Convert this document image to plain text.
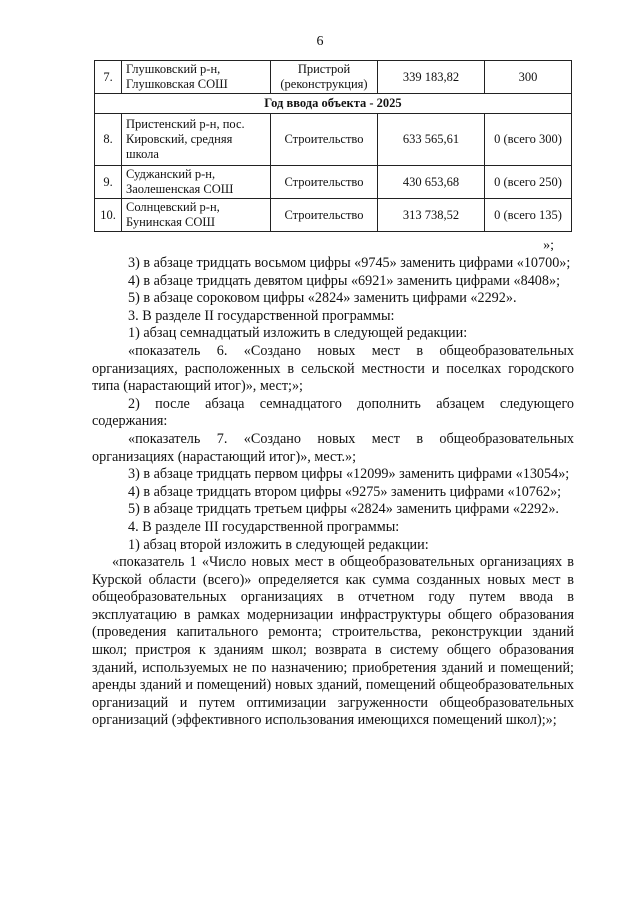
6
7.	Глушковский р-н, Глушковская СОШ	Пристрой (реконструкция)	339 183,82	300
Год ввода объекта - 2025				
8.	Пристенский р-н, пос. Кировский, средняя школа	Строительство	633 565,61	0 (всего 300)
9.	Суджанский р-н, Заолешенская СОШ	Строительство	430 653,68	0 (всего 250)
10.	Солнцевский р-н, Бунинская СОШ	Строительство	313 738,52	0 (всего 135)
»;

3) в абзаце тридцать восьмом цифры «9745» заменить цифрами «10700»;

4) в абзаце тридцать девятом цифры «6921» заменить цифрами «8408»;

5) в абзаце сороковом цифры «2824» заменить цифрами «2292».

3. В разделе II государственной программы:

1) абзац семнадцатый изложить в следующей редакции:

«показатель 6. «Создано новых мест в общеобразовательных организациях, расположенных в сельской местности и поселках городского типа (нарастающий итог)», мест;»;

2) после абзаца семнадцатого дополнить абзацем следующего содержания:

«показатель 7. «Создано новых мест в общеобразовательных организациях (нарастающий итог)», мест.»;

3) в абзаце тридцать первом цифры «12099» заменить цифрами «13054»;

4) в абзаце тридцать втором цифры «9275» заменить цифрами «10762»;

5) в абзаце тридцать третьем цифры «2824» заменить цифрами «2292».

4. В разделе III государственной программы:

1) абзац второй изложить в следующей редакции:

«показатель 1 «Число новых мест в общеобразовательных организациях в Курской области (всего)» определяется как сумма созданных новых мест в общеобразовательных организациях в отчетном году путем ввода в эксплуатацию в рамках модернизации инфраструктуры общего образования (проведения капитального ремонта; строительства, реконструкции зданий школ; пристроя к зданиям школ; возврата в систему общего образования зданий, используемых не по назначению; приобретения зданий и помещений; аренды зданий и помещений) новых зданий, помещений общеобразовательных организаций и путем оптимизации загруженности общеобразовательных организаций (эффективного использования имеющихся помещений школ);»;
